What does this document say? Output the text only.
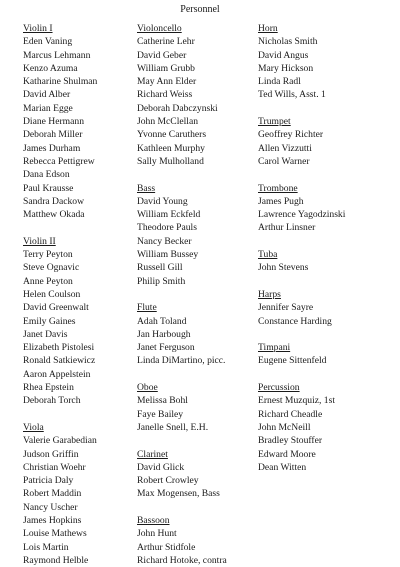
Personnel
Violin I
Eden Vaning
Marcus Lehmann
Kenzo Azuma
Katharine Shulman
David Alber
Marian Egge
Diane Hermann
Deborah Miller
James Durham
Rebecca Pettigrew
Dana Edson
Paul Krausse
Sandra Dackow
Matthew Okada
Violin II
Terry Peyton
Steve Ognavic
Anne Peyton
Helen Coulson
David Greenwalt
Emily Gaines
Janet Davis
Elizabeth Pistolesi
Ronald Satkiewicz
Aaron Appelstein
Rhea Epstein
Deborah Torch
Viola
Valerie Garabedian
Judson Griffin
Christian Woehr
Patricia Daly
Robert Maddin
Nancy Uscher
James Hopkins
Louise Mathews
Lois Martin
Raymond Helble
Violoncello
Catherine Lehr
David Geber
William Grubb
May Ann Elder
Richard Weiss
Deborah Dabczynski
John McClellan
Yvonne Caruthers
Kathleen Murphy
Sally Mulholland
Bass
David Young
William Eckfeld
Theodore Pauls
Nancy Becker
William Bussey
Russell Gill
Philip Smith
Flute
Adah Toland
Jan Harbough
Janet Ferguson
Linda DiMartino, picc.
Oboe
Melissa Bohl
Faye Bailey
Janelle Snell, E.H.
Clarinet
David Glick
Robert Crowley
Max Mogensen, Bass
Bassoon
John Hunt
Arthur Stidfole
Richard Hotoke, contra
Horn
Nicholas Smith
David Angus
Mary Hickson
Linda Radl
Ted Wills, Asst. 1
Trumpet
Geoffrey Richter
Allen Vizzutti
Carol Warner
Trombone
James Pugh
Lawrence Yagodzinski
Arthur Linsner
Tuba
John Stevens
Harps
Jennifer Sayre
Constance Harding
Timpani
Eugene Sittenfeld
Percussion
Ernest Muzquiz, 1st
Richard Cheadle
John McNeill
Bradley Stouffer
Edward Moore
Dean Witten
